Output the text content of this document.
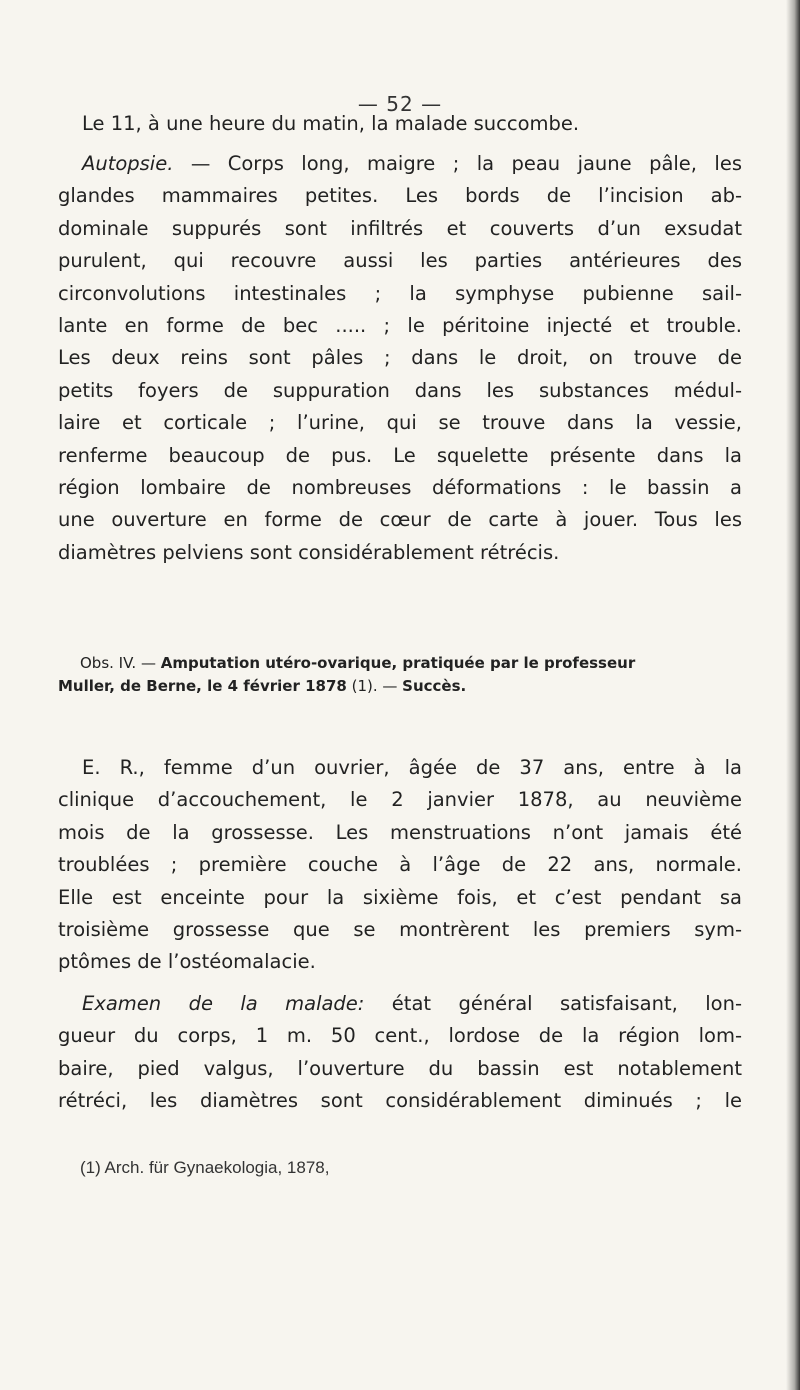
— 52 —
Le 11, à une heure du matin, la malade succombe.
Autopsie. — Corps long, maigre ; la peau jaune pâle, les
glandes mammaires petites. Les bords de l’incision ab-
dominale suppurés sont infiltrés et couverts d’un exsudat
purulent, qui recouvre aussi les parties antérieures des
circonvolutions intestinales ; la symphyse pubienne sail-
lante en forme de bec ..... ; le péritoine injecté et trouble.
Les deux reins sont pâles ; dans le droit, on trouve de
petits foyers de suppuration dans les substances médul-
laire et corticale ; l’urine, qui se trouve dans la vessie,
renferme beaucoup de pus. Le squelette présente dans la
région lombaire de nombreuses déformations : le bassin a
une ouverture en forme de cœur de carte à jouer. Tous les
diamètres pelviens sont considérablement rétrécis.
Obs. IV. — Amputation utéro-ovarique, pratiquée par le professeur
Muller, de Berne, le 4 février 1878 (1). — Succès.
E. R., femme d’un ouvrier, âgée de 37 ans, entre à la
clinique d’accouchement, le 2 janvier 1878, au neuvième
mois de la grossesse. Les menstruations n’ont jamais été
troublées ; première couche à l’âge de 22 ans, normale.
Elle est enceinte pour la sixième fois, et c’est pendant sa
troisième grossesse que se montrèrent les premiers sym-
ptômes de l’ostéomalacie.
Examen de la malade: état général satisfaisant, lon-
gueur du corps, 1 m. 50 cent., lordose de la région lom-
baire, pied valgus, l’ouverture du bassin est notablement
rétréci, les diamètres sont considérablement diminués ; le
(1) Arch. für Gynaekologia, 1878,
